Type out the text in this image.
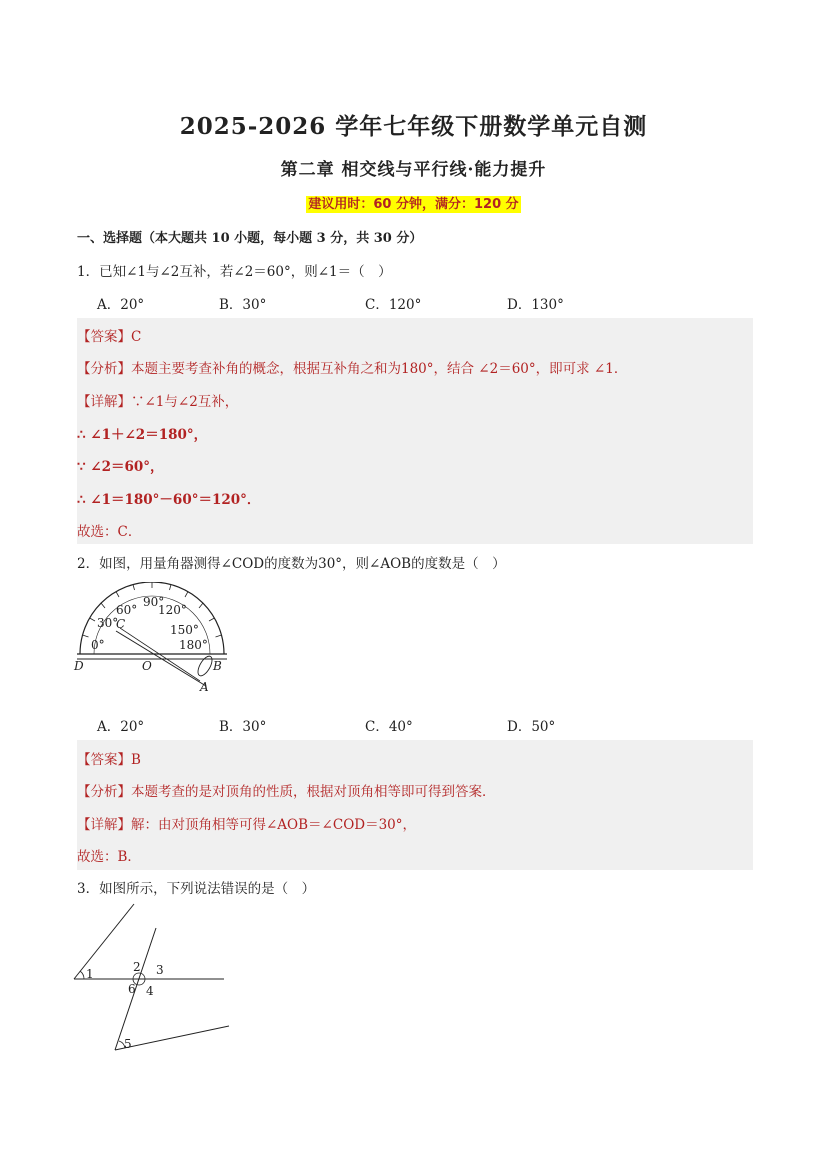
2025-2026 学年七年级下册数学单元自测
第二章 相交线与平行线·能力提升
建议用时：60 分钟，满分：120 分
一、选择题（本大题共 10 小题，每小题 3 分，共 30 分）
1．已知∠1与∠2互补，若∠2＝60°，则∠1＝（　）
A．20°	B．30°	C．120°	D．130°
【答案】C
【分析】本题主要考查补角的概念，根据互补角之和为180°，结合 ∠2＝60°，即可求 ∠1．
【详解】∵∠1与∠2互补，
∴ ∠1＋∠2＝180°，
∵ ∠2＝60°，
∴ ∠1＝180°－60°＝120°．
故选：C．
2．如图，用量角器测得∠COD的度数为30°，则∠AOB的度数是（　）
90°
60° 120°
30°	150°
0°	180°
C
D	O	B
A
A．20°	B．30°	C．40°	D．50°
【答案】B
【分析】本题考查的是对顶角的性质，根据对顶角相等即可得到答案．
【详解】解：由对顶角相等可得∠AOB＝∠COD＝30°，
故选：B．
3．如图所示，下列说法错误的是（　）
1	2 3
4
5
6
